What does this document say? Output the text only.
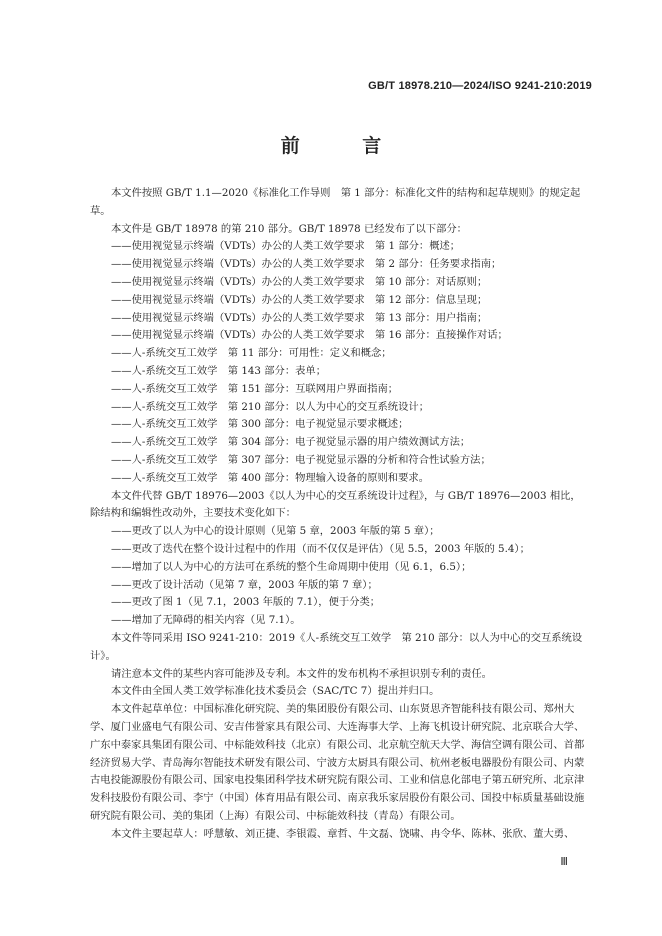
GB/T 18978.210—2024/ISO 9241-210:2019
前 言

本文件按照 GB/T 1.1—2020《标准化工作导则　第 1 部分：标准化文件的结构和起草规则》的规定起草。

本文件是 GB/T 18978 的第 210 部分。GB/T 18978 已经发布了以下部分：

——使用视觉显示终端（VDTs）办公的人类工效学要求　第 1 部分：概述；

——使用视觉显示终端（VDTs）办公的人类工效学要求　第 2 部分：任务要求指南；

——使用视觉显示终端（VDTs）办公的人类工效学要求　第 10 部分：对话原则；

——使用视觉显示终端（VDTs）办公的人类工效学要求　第 12 部分：信息呈现；

——使用视觉显示终端（VDTs）办公的人类工效学要求　第 13 部分：用户指南；

——使用视觉显示终端（VDTs）办公的人类工效学要求　第 16 部分：直接操作对话；

——人-系统交互工效学　第 11 部分：可用性：定义和概念；

——人-系统交互工效学　第 143 部分：表单；

——人-系统交互工效学　第 151 部分：互联网用户界面指南；

——人-系统交互工效学　第 210 部分：以人为中心的交互系统设计；

——人-系统交互工效学　第 300 部分：电子视觉显示要求概述；

——人-系统交互工效学　第 304 部分：电子视觉显示器的用户绩效测试方法；

——人-系统交互工效学　第 307 部分：电子视觉显示器的分析和符合性试验方法；

——人-系统交互工效学　第 400 部分：物理输入设备的原则和要求。

本文件代替 GB/T 18976—2003《以人为中心的交互系统设计过程》，与 GB/T 18976—2003 相比，除结构和编辑性改动外，主要技术变化如下：

——更改了以人为中心的设计原则（见第 5 章，2003 年版的第 5 章）；

——更改了迭代在整个设计过程中的作用（而不仅仅是评估）（见 5.5，2003 年版的 5.4）；

——增加了以人为中心的方法可在系统的整个生命周期中使用（见 6.1，6.5）；

——更改了设计活动（见第 7 章，2003 年版的第 7 章）；

——更改了图 1（见 7.1，2003 年版的 7.1），便于分类；

——增加了无障碍的相关内容（见 7.1）。

本文件等同采用 ISO 9241-210：2019《人-系统交互工效学　第 210 部分：以人为中心的交互系统设计》。

请注意本文件的某些内容可能涉及专利。本文件的发布机构不承担识别专利的责任。

本文件由全国人类工效学标准化技术委员会（SAC/TC 7）提出并归口。

本文件起草单位：中国标准化研究院、美的集团股份有限公司、山东贤思齐智能科技有限公司、郑州大学、厦门业盛电气有限公司、安吉伟誉家具有限公司、大连海事大学、上海飞机设计研究院、北京联合大学、广东中泰家具集团有限公司、中标能效科技（北京）有限公司、北京航空航天大学、海信空调有限公司、首都经济贸易大学、青岛海尔智能技术研发有限公司、宁波方太厨具有限公司、杭州老板电器股份有限公司、内蒙古电投能源股份有限公司、国家电投集团科学技术研究院有限公司、工业和信息化部电子第五研究所、北京津发科技股份有限公司、李宁（中国）体育用品有限公司、南京我乐家居股份有限公司、国投中标质量基础设施研究院有限公司、美的集团（上海）有限公司、中标能效科技（青岛）有限公司。

本文件主要起草人：呼慧敏、刘正捷、李银霞、章哲、牛文磊、饶啸、冉令华、陈林、张欣、董大勇、

Ⅲ
